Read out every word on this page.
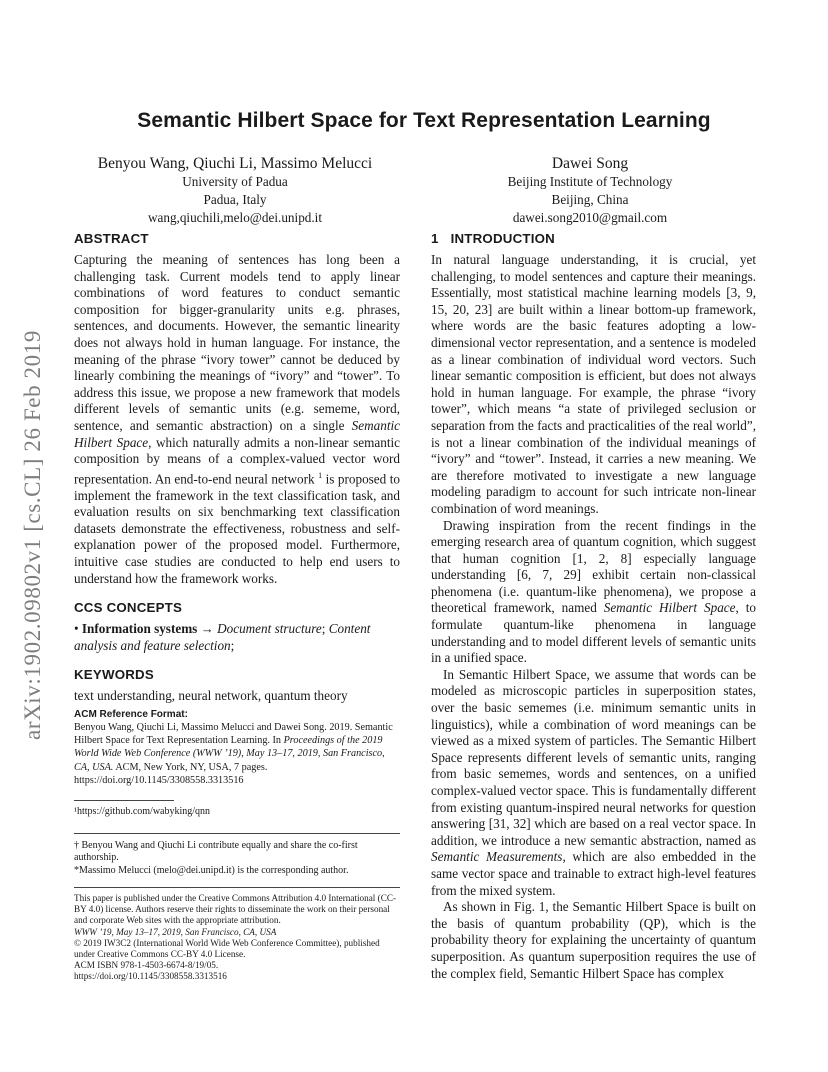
arXiv:1902.09802v1 [cs.CL] 26 Feb 2019
Semantic Hilbert Space for Text Representation Learning
Benyou Wang, Qiuchi Li, Massimo Melucci
University of Padua
Padua, Italy
wang,qiuchili,melo@dei.unipd.it
Dawei Song
Beijing Institute of Technology
Beijing, China
dawei.song2010@gmail.com
ABSTRACT

Capturing the meaning of sentences has long been a challenging task. Current models tend to apply linear combinations of word features to conduct semantic composition for bigger-granularity units e.g. phrases, sentences, and documents. However, the semantic linearity does not always hold in human language. For instance, the meaning of the phrase “ivory tower” cannot be deduced by linearly combining the meanings of “ivory” and “tower”. To address this issue, we propose a new framework that models different levels of semantic units (e.g. sememe, word, sentence, and semantic abstraction) on a single Semantic Hilbert Space, which naturally admits a non-linear semantic composition by means of a complex-valued vector word representation. An end-to-end neural network $^1$ is proposed to implement the framework in the text classification task, and evaluation results on six benchmarking text classification datasets demonstrate the effectiveness, robustness and self-explanation power of the proposed model. Furthermore, intuitive case studies are conducted to help end users to understand how the framework works.

CCS CONCEPTS

• Information systems → Document structure; Content analysis and feature selection;

KEYWORDS

text understanding, neural network, quantum theory

ACM Reference Format:

Benyou Wang, Qiuchi Li, Massimo Melucci and Dawei Song. 2019. Semantic Hilbert Space for Text Representation Learning. In Proceedings of the 2019 World Wide Web Conference (WWW ’19), May 13–17, 2019, San Francisco, CA, USA. ACM, New York, NY, USA, 7 pages. https://doi.org/10.1145/3308558.3313516

¹https://github.com/wabyking/qnn

† Benyou Wang and Qiuchi Li contribute equally and share the co-first authorship.

*Massimo Melucci (melo@dei.unipd.it) is the corresponding author.

This paper is published under the Creative Commons Attribution 4.0 International (CC-BY 4.0) license. Authors reserve their rights to disseminate the work on their personal and corporate Web sites with the appropriate attribution.

WWW ’19, May 13–17, 2019, San Francisco, CA, USA

© 2019 IW3C2 (International World Wide Web Conference Committee), published under Creative Commons CC-BY 4.0 License.

ACM ISBN 978-1-4503-6674-8/19/05.

https://doi.org/10.1145/3308558.3313516

1 INTRODUCTION

In natural language understanding, it is crucial, yet challenging, to model sentences and capture their meanings. Essentially, most statistical machine learning models [3, 9, 15, 20, 23] are built within a linear bottom-up framework, where words are the basic features adopting a low-dimensional vector representation, and a sentence is modeled as a linear combination of individual word vectors. Such linear semantic composition is efficient, but does not always hold in human language. For example, the phrase “ivory tower”, which means “a state of privileged seclusion or separation from the facts and practicalities of the real world”, is not a linear combination of the individual meanings of “ivory” and “tower”. Instead, it carries a new meaning. We are therefore motivated to investigate a new language modeling paradigm to account for such intricate non-linear combination of word meanings.

Drawing inspiration from the recent findings in the emerging research area of quantum cognition, which suggest that human cognition [1, 2, 8] especially language understanding [6, 7, 29] exhibit certain non-classical phenomena (i.e. quantum-like phenomena), we propose a theoretical framework, named Semantic Hilbert Space, to formulate quantum-like phenomena in language understanding and to model different levels of semantic units in a unified space.

In Semantic Hilbert Space, we assume that words can be modeled as microscopic particles in superposition states, over the basic sememes (i.e. minimum semantic units in linguistics), while a combination of word meanings can be viewed as a mixed system of particles. The Semantic Hilbert Space represents different levels of semantic units, ranging from basic sememes, words and sentences, on a unified complex-valued vector space. This is fundamentally different from existing quantum-inspired neural networks for question answering [31, 32] which are based on a real vector space. In addition, we introduce a new semantic abstraction, named as Semantic Measurements, which are also embedded in the same vector space and trainable to extract high-level features from the mixed system.

As shown in Fig. 1, the Semantic Hilbert Space is built on the basis of quantum probability (QP), which is the probability theory for explaining the uncertainty of quantum superposition. As quantum superposition requires the use of the complex field, Semantic Hilbert Space has complex
